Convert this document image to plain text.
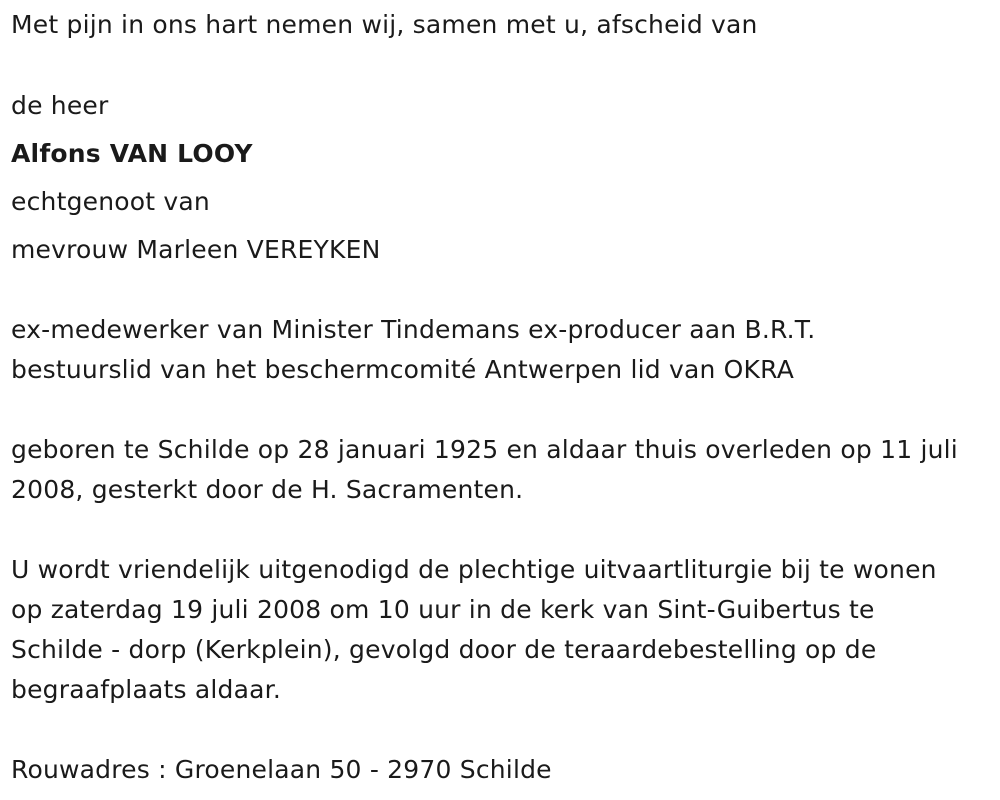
Met pijn in ons hart nemen wij, samen met u, afscheid van
de heer
Alfons VAN LOOY
echtgenoot van
mevrouw Marleen VEREYKEN
ex-medewerker van Minister Tindemans ex-producer aan B.R.T.
bestuurslid van het beschermcomité Antwerpen lid van OKRA
geboren te Schilde op 28 januari 1925 en aldaar thuis overleden op 11 juli
2008, gesterkt door de H. Sacramenten.
U wordt vriendelijk uitgenodigd de plechtige uitvaartliturgie bij te wonen
op zaterdag 19 juli 2008 om 10 uur in de kerk van Sint-Guibertus te
Schilde - dorp (Kerkplein), gevolgd door de teraardebestelling op de
begraafplaats aldaar.
Rouwadres : Groenelaan 50 - 2970 Schilde
